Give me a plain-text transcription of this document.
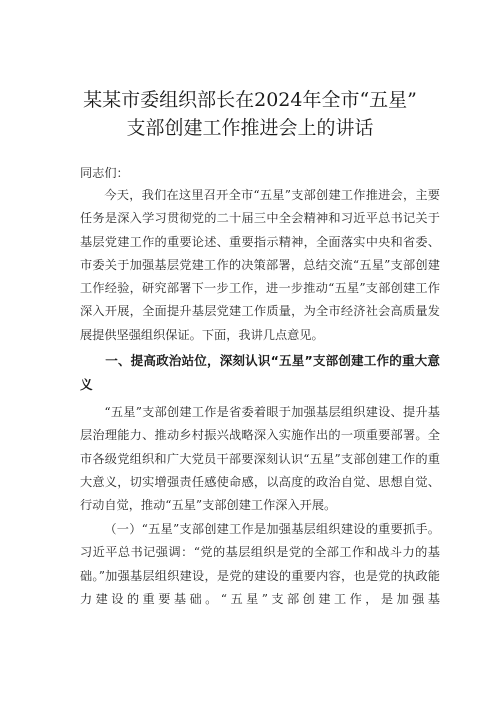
某某市委组织部长在2024年全市“五星”
支部创建工作推进会上的讲话
同志们：
今天，我们在这里召开全市“五星”支部创建工作推进会，主要任务是深入学习贯彻党的二十届三中全会精神和习近平总书记关于基层党建工作的重要论述、重要指示精神，全面落实中央和省委、市委关于加强基层党建工作的决策部署，总结交流“五星”支部创建工作经验，研究部署下一步工作，进一步推动“五星”支部创建工作深入开展，全面提升基层党建工作质量，为全市经济社会高质量发展提供坚强组织保证。下面，我讲几点意见。
一、提高政治站位，深刻认识“五星”支部创建工作的重大意义
“五星”支部创建工作是省委着眼于加强基层组织建设、提升基层治理能力、推动乡村振兴战略深入实施作出的一项重要部署。全市各级党组织和广大党员干部要深刻认识“五星”支部创建工作的重大意义，切实增强责任感使命感，以高度的政治自觉、思想自觉、行动自觉，推动“五星”支部创建工作深入开展。
（一）“五星”支部创建工作是加强基层组织建设的重要抓手。习近平总书记强调：“党的基层组织是党的全部工作和战斗力的基础。”加强基层组织建设，是党的建设的重要内容，也是党的执政能力建设的重要基础。“五星”支部创建工作，是加强基
